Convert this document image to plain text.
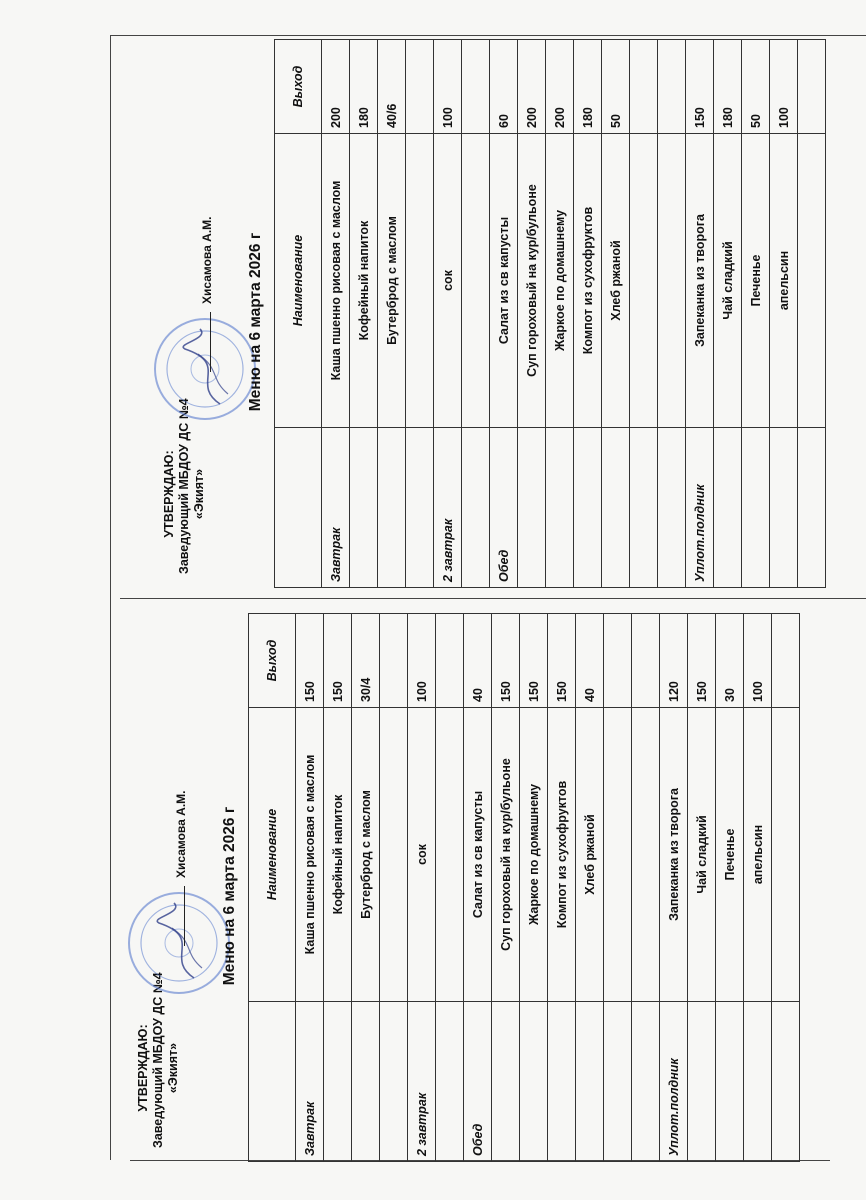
УТВЕРЖДАЮ: Заведующий МБДОУ ДС №4 «Экият»
Хисамова А.М. Меню на 6 марта 2026 г
	Наименование	Выход
Завтрак	Каша пшенно рисовая с маслом	150
	Кофейный напиток	150
	Бутерброд с маслом	30/4

2 завтрак	сок	100

Обед	Салат из св капусты	40
	Суп гороховый на кур/бульоне	150
	Жаркое по домашнему	150
	Компот из сухофруктов	150
	Хлеб ржаной	40

Уплот.полдник	Запеканка из творога	120
	Чай сладкий	150
	Печенье	30
	апельсин	100

УТВЕРЖДАЮ: Заведующий МБДОУ ДС №4 «Экият»
Хисамова А.М. Меню на 6 марта 2026 г
	Наименование	Выход
Завтрак	Каша пшенно рисовая с маслом	200
	Кофейный напиток	180
	Бутерброд с маслом	40/6

2 завтрак	сок	100

Обед	Салат из св капусты	60
	Суп гороховый на кур/бульоне	200
	Жаркое по домашнему	200
	Компот из сухофруктов	180
	Хлеб ржаной	50

Уплот.полдник	Запеканка из творога	150
	Чай сладкий	180
	Печенье	50
	апельсин	100
